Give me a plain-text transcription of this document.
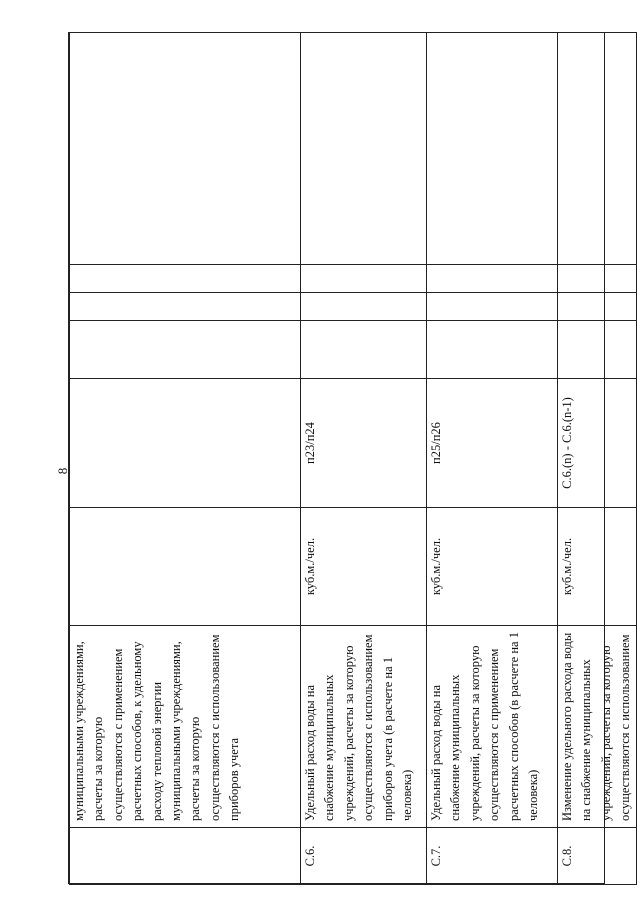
8
	муниципальными учреждениями, расчеты за которую осуществляются с применением расчетных способов, к удельному расходу тепловой энергии муниципальными учреждениями, расчеты за которую осуществляются с использованием приборов учета						
С.6.	Удельный расход воды на снабжение муниципальных учреждений, расчеты за которую осуществляются с использованием приборов учета (в расчете на 1 человека)	куб.м./чел.	п23/п24				
С.7.	Удельный расход воды на снабжение муниципальных учреждений, расчеты за которую осуществляются с применением расчетных способов (в расчете на 1 человека)	куб.м./чел.	п25/п26				
С.8.	Изменение удельного расхода воды на снабжение муниципальных учреждений, расчеты за которую осуществляются с использованием	куб.м./чел.	С.6.(n) - С.6.(n-1)				
